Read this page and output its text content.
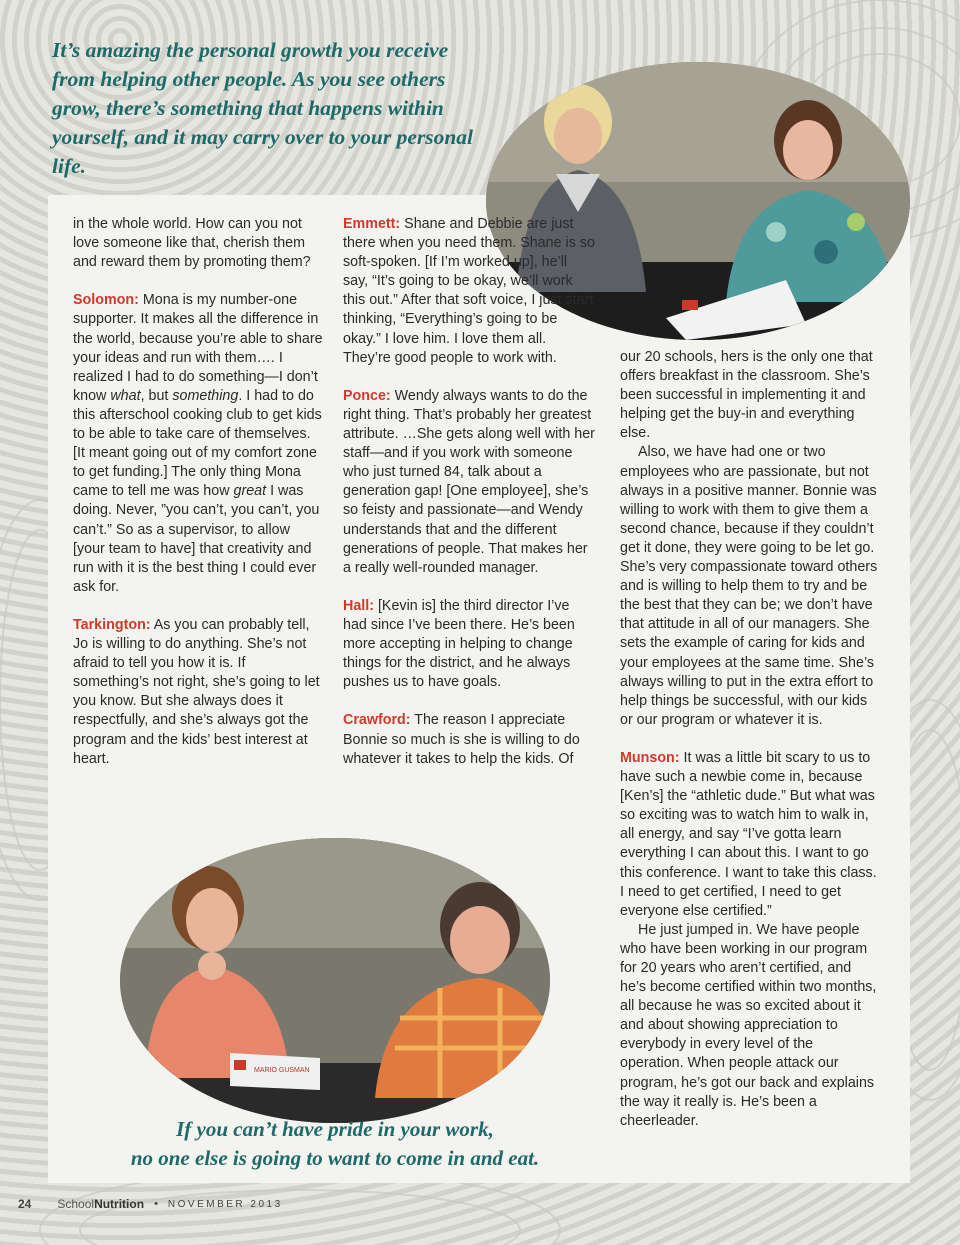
It’s amazing the personal growth you receive from helping other people. As you see others grow, there’s something that happens within yourself, and it may carry over to your personal life.

in the whole world. How can you not love someone like that, cherish them and reward them by promoting them?

Solomon: Mona is my number-one supporter. It makes all the difference in the world, because you’re able to share your ideas and run with them…. I realized I had to do something—I don’t know what, but something. I had to do this afterschool cooking club to get kids to be able to take care of themselves. [It meant going out of my comfort zone to get funding.] The only thing Mona came to tell me was how great I was doing. Never, ”you can’t, you can’t, you can’t.” So as a supervisor, to allow [your team to have] that creativity and run with it is the best thing I could ever ask for.

Tarkington: As you can probably tell, Jo is willing to do anything. She’s not afraid to tell you how it is. If something’s not right, she’s going to let you know. But she always does it respectfully, and she’s always got the program and the kids’ best interest at heart.

Emmett: Shane and Debbie are just there when you need them. Shane is so soft-spoken. [If I’m worked up], he’ll say, “It’s going to be okay, we’ll work this out.” After that soft voice, I just start thinking, “Everything’s going to be okay.” I love him. I love them all. They’re good people to work with.

Ponce: Wendy always wants to do the right thing. That’s probably her greatest attribute. …She gets along well with her staff—and if you work with someone who just turned 84, talk about a generation gap! [One employee], she’s so feisty and passionate—and Wendy understands that and the different generations of people. That makes her a really well-rounded manager.

Hall: [Kevin is] the third director I’ve had since I’ve been there. He’s been more accepting in helping to change things for the district, and he always pushes us to have goals.

Crawford: The reason I appreciate Bonnie so much is she is willing to do whatever it takes to help the kids. Of

our 20 schools, hers is the only one that offers breakfast in the classroom. She’s been successful in implementing it and helping get the buy-in and everything else.

Also, we have had one or two employees who are passionate, but not always in a positive manner. Bonnie was willing to work with them to give them a second chance, because if they couldn’t get it done, they were going to be let go. She’s very compassionate toward others and is willing to help them to try and be the best that they can be; we don’t have that attitude in all of our managers. She sets the example of caring for kids and your employees at the same time. She’s always willing to put in the extra effort to help things be successful, with our kids or our program or whatever it is.

Munson: It was a little bit scary to us to have such a newbie come in, because [Ken’s] the “athletic dude.” But what was so exciting was to watch him to walk in, all energy, and say “I’ve gotta learn everything I can about this. I want to go this conference. I want to take this class. I need to get certified, I need to get everyone else certified.”

He just jumped in. We have people who have been working in our program for 20 years who aren’t certified, and he’s become certified within two months, all because he was so excited about it and about showing appreciation to everybody in every level of the operation. When people attack our program, he’s got our back and explains the way it really is. He’s been a cheerleader.

MARIO GUSMAN
If you can’t have pride in your work,
no one else is going to want to come in and eat.
24 SchoolNutrition • NOVEMBER 2013
